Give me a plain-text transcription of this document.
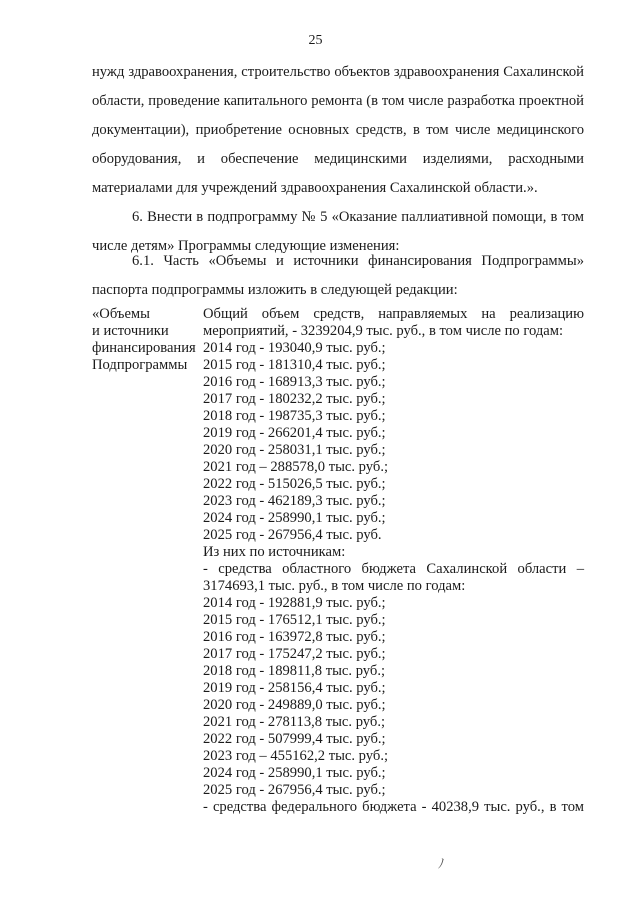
25
нужд здравоохранения, строительство объектов здравоохранения Сахалинской области, проведение капитального ремонта (в том числе разработка проектной документации), приобретение основных средств, в том числе медицинского оборудования, и обеспечение медицинскими изделиями, расходными материалами для учреждений здравоохранения Сахалинской области.».
6. Внести в подпрограмму № 5 «Оказание паллиативной помощи, в том числе детям» Программы следующие изменения:
6.1. Часть «Объемы и источники финансирования Подпрограммы» паспорта подпрограммы изложить в следующей редакции:
«Объемы
и источники
финансирования
Подпрограммы
Общий объем средств, направляемых на реализацию мероприятий, - 3239204,9 тыс. руб., в том числе по годам:
2014 год - 193040,9 тыс. руб.;
2015 год - 181310,4 тыс. руб.;
2016 год - 168913,3 тыс. руб.;
2017 год - 180232,2 тыс. руб.;
2018 год - 198735,3 тыс. руб.;
2019 год - 266201,4 тыс. руб.;
2020 год - 258031,1 тыс. руб.;
2021 год – 288578,0 тыс. руб.;
2022 год - 515026,5 тыс. руб.;
2023 год - 462189,3 тыс. руб.;
2024 год - 258990,1 тыс. руб.;
2025 год - 267956,4 тыс. руб.
Из них по источникам:
- средства областного бюджета Сахалинской области –
3174693,1 тыс. руб., в том числе по годам:
2014 год - 192881,9 тыс. руб.;
2015 год - 176512,1 тыс. руб.;
2016 год - 163972,8 тыс. руб.;
2017 год - 175247,2 тыс. руб.;
2018 год - 189811,8 тыс. руб.;
2019 год - 258156,4 тыс. руб.;
2020 год - 249889,0 тыс. руб.;
2021 год - 278113,8 тыс. руб.;
2022 год - 507999,4 тыс. руб.;
2023 год – 455162,2 тыс. руб.;
2024 год - 258990,1 тыс. руб.;
2025 год - 267956,4 тыс. руб.;
- средства федерального бюджета - 40238,9 тыс. руб., в том
ﾉ
